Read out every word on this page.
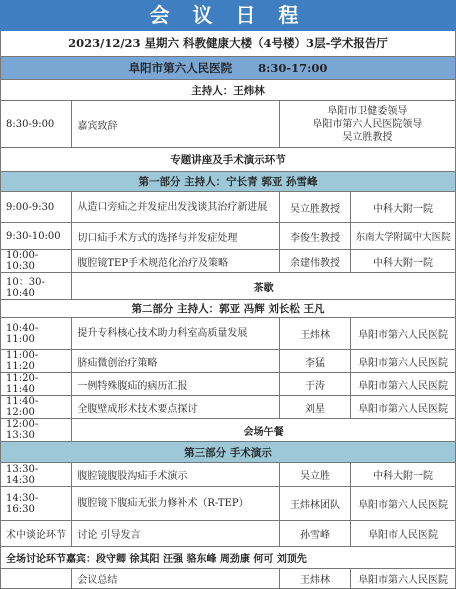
会 议 日 程
2023/12/23 星期六 科教健康大楼（4号楼）3层-学术报告厅
阜阳市第六人民医院 8:30-17:00
主持人：王炜林			
8:30-9:00	嘉宾致辞	阜阳市卫健委领导
阜阳市第六人民医院领导
吴立胜教授	

专题讲座及手术演示环节			
第一部分 主持人：宁长青 郭亚 孙雪峰			
9:00-9:30	从造口旁疝之并发症出发浅谈其治疗新进展	吴立胜教授	中科大附一院
9:30-10:00	切口疝手术方式的选择与并发症处理	李俊生教授	东南大学附属中大医院
10:00-10:30	腹腔镜TEP手术规范化治疗及策略	余建伟教授	中科大附一院
10：30-10:40	茶歇		
第二部分 主持人：郭亚 冯辉 刘长松 王凡			
10:40-11:00	提升专科核心技术助力科室高质量发展	王炜林	阜阳市第六人民医院
11:00-11:20	脐疝微创治疗策略	李猛	阜阳市第六人民医院
11:20-11:40	一例特殊腹疝的病历汇报	于涛	阜阳市第六人民医院
11:40-12:00	全腹壁成形术技术要点探讨	刘星	阜阳市第六人民医院
12:00-13:30	会场午餐		
第三部分 手术演示			
13:30-14:30	腹腔镜腹股沟疝手术演示	吴立胜	中科大附一院
14:30-16:30	腹腔镜下腹疝无张力修补术（R-TEP）	王炜林团队	阜阳市第六人民医院
术中谈论环节	讨论 引导发言	孙雪峰	阜阳市人民医院
全场讨论环节嘉宾：段守卿 徐其阳 汪强 骆东峰 周劲康 何可 刘顶先			
	会议总结	王炜林	阜阳市第六人民医院
